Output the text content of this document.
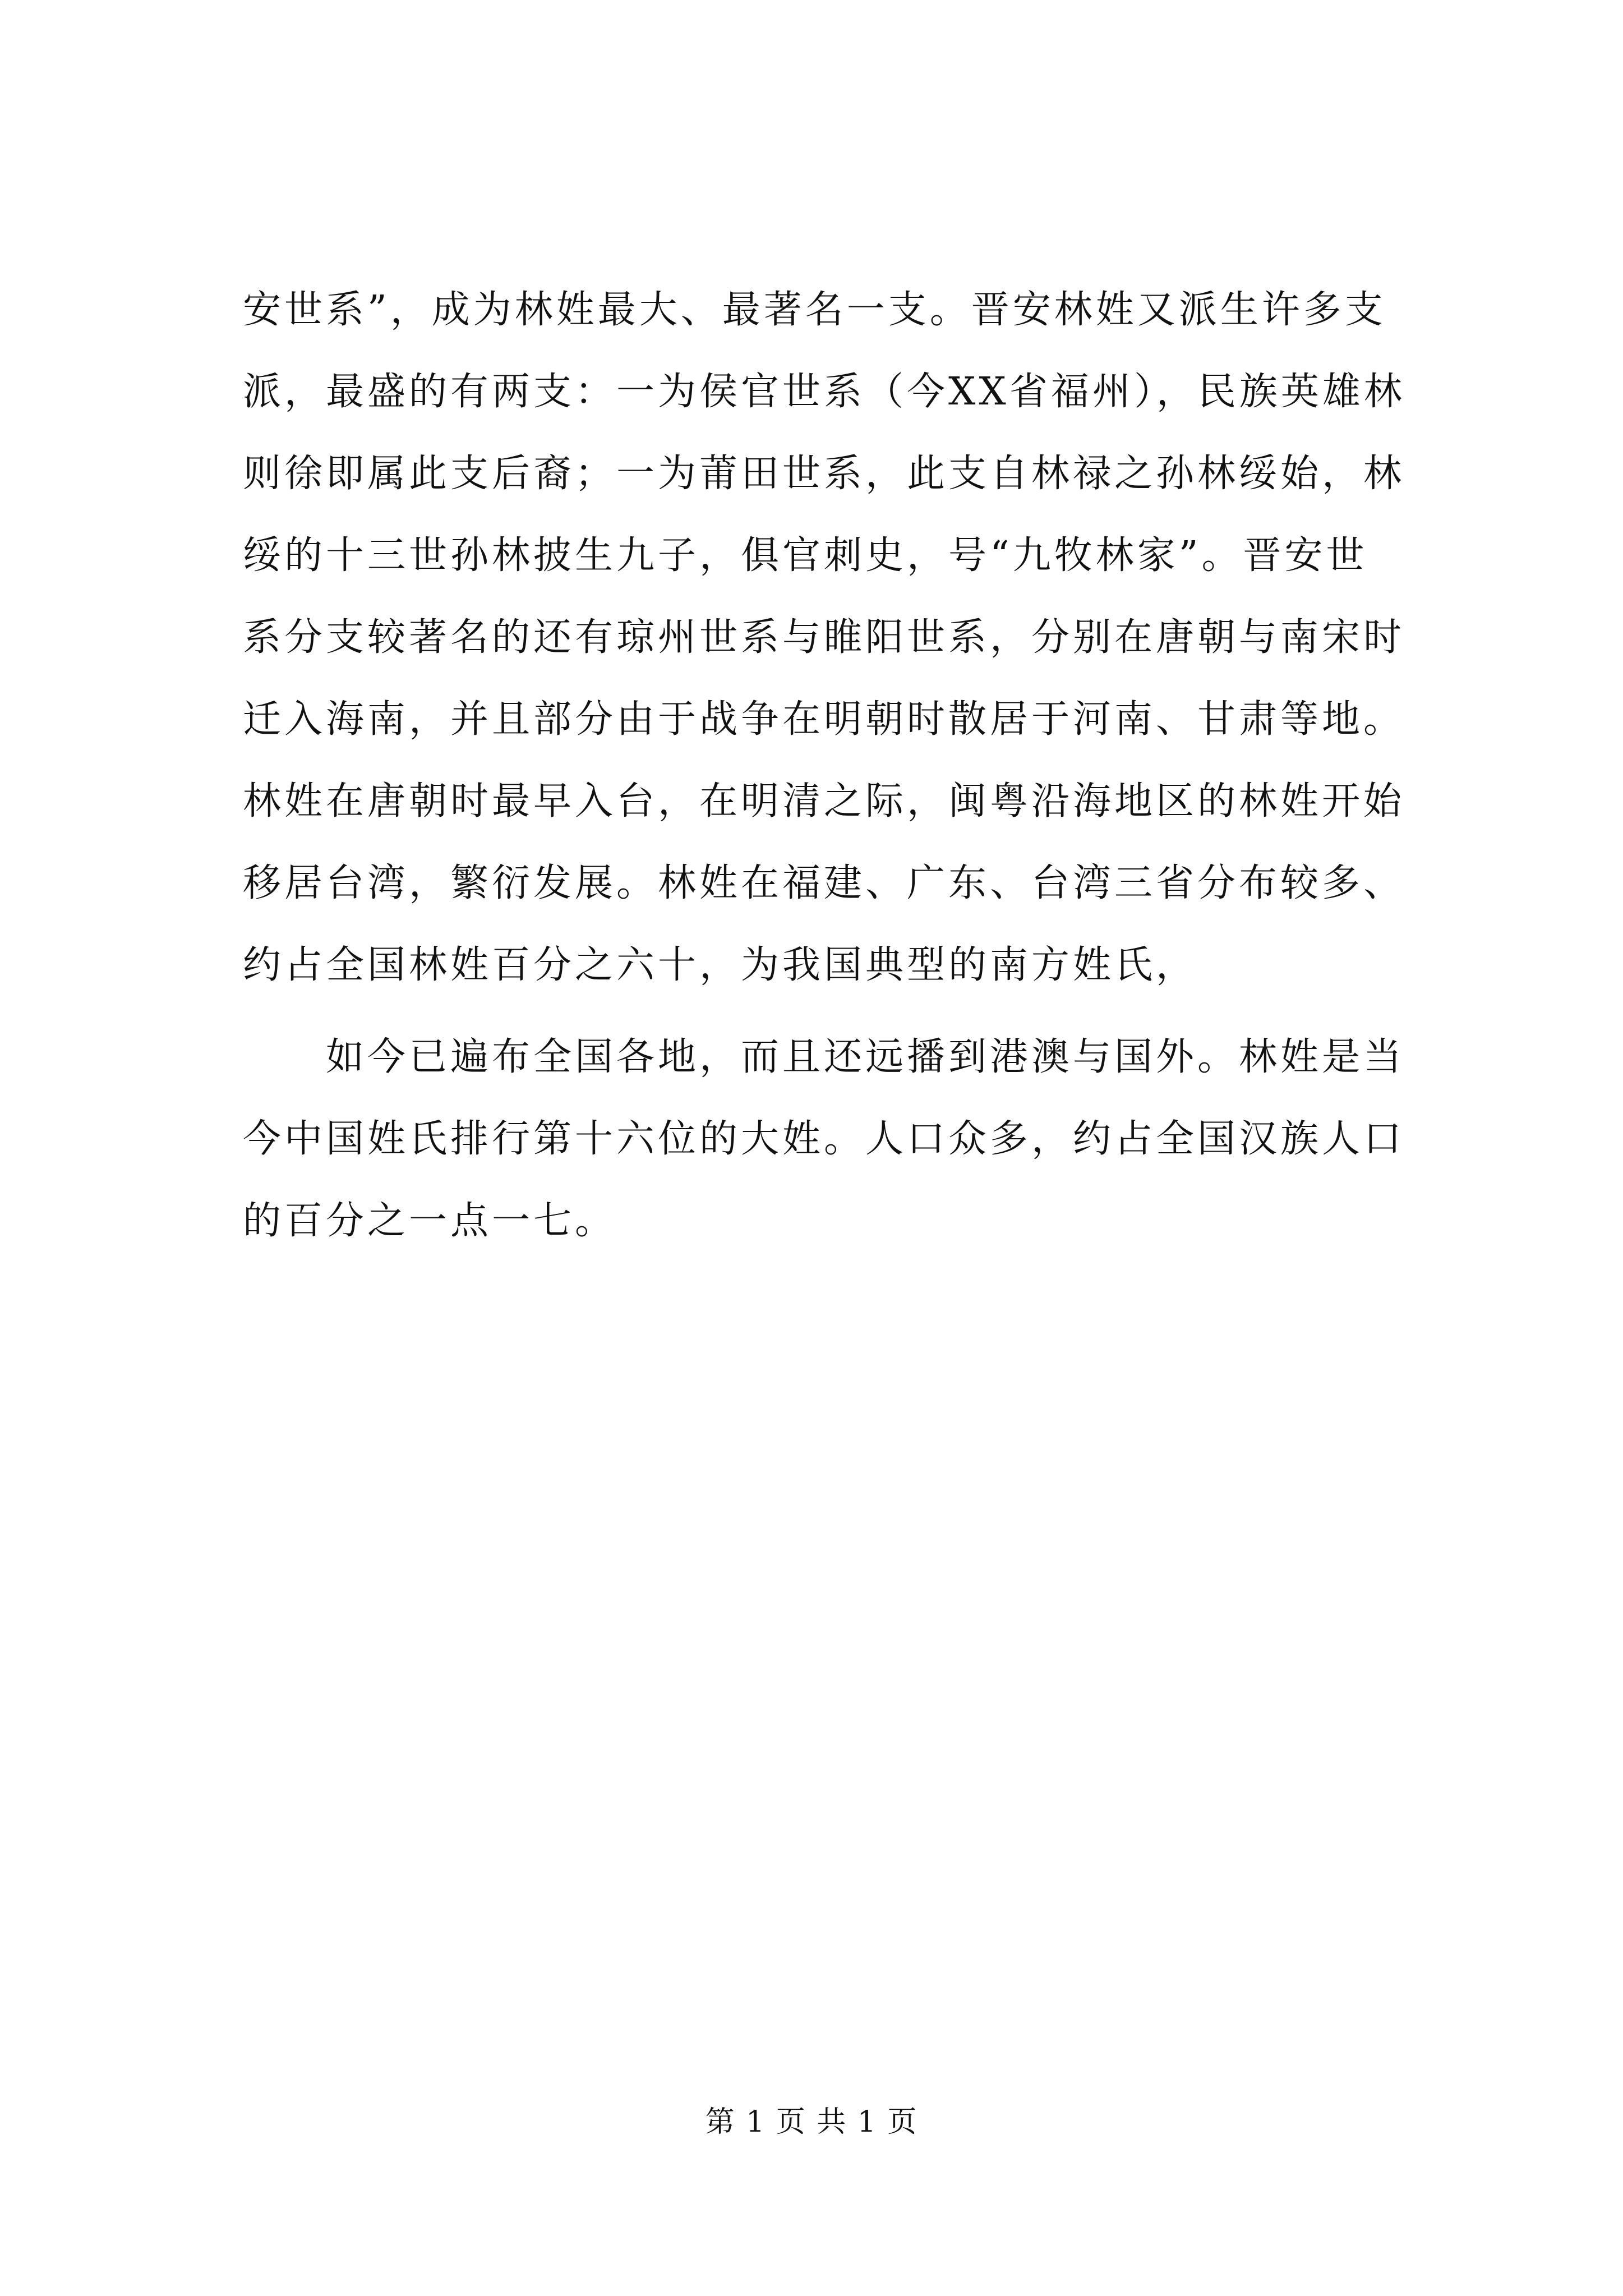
安世系”，成为林姓最大、最著名一支。晋安林姓又派生许多支
派，最盛的有两支：一为侯官世系（今XX省福州），民族英雄林
则徐即属此支后裔；一为莆田世系，此支自林禄之孙林绥始，林
绥的十三世孙林披生九子，俱官刺史，号“九牧林家”。晋安世
系分支较著名的还有琼州世系与睢阳世系，分别在唐朝与南宋时
迁入海南，并且部分由于战争在明朝时散居于河南、甘肃等地。
林姓在唐朝时最早入台，在明清之际，闽粤沿海地区的林姓开始
移居台湾，繁衍发展。林姓在福建、广东、台湾三省分布较多、
约占全国林姓百分之六十，为我国典型的南方姓氏，
如今已遍布全国各地，而且还远播到港澳与国外。林姓是当
今中国姓氏排行第十六位的大姓。人口众多，约占全国汉族人口
的百分之一点一七。
第 1 页 共 1 页
